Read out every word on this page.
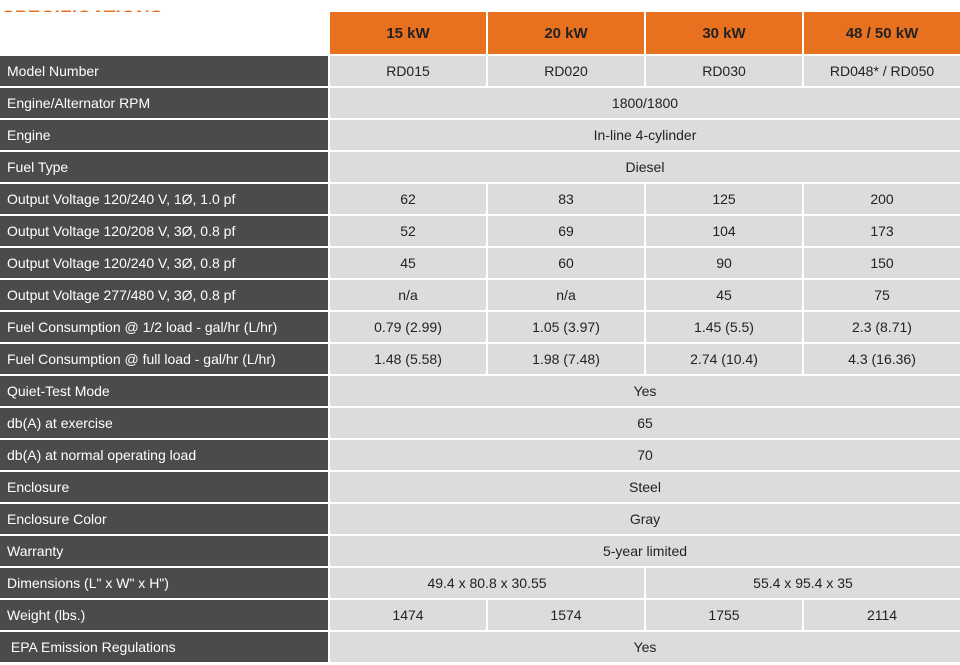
	15 kW	20 kW	30 kW	48 / 50 kW
Model Number	RD015	RD020	RD030	RD048* / RD050
Engine/Alternator RPM	1800/1800			
Engine	In-line 4-cylinder			
Fuel Type	Diesel			
Output Voltage 120/240 V, 1Ø, 1.0 pf	62	83	125	200
Output Voltage 120/208 V, 3Ø, 0.8 pf	52	69	104	173
Output Voltage 120/240 V, 3Ø, 0.8 pf	45	60	90	150
Output Voltage 277/480 V, 3Ø, 0.8 pf	n/a	n/a	45	75
Fuel Consumption @ 1/2 load - gal/hr (L/hr)	0.79 (2.99)	1.05 (3.97)	1.45 (5.5)	2.3 (8.71)
Fuel Consumption @ full load - gal/hr (L/hr)	1.48 (5.58)	1.98 (7.48)	2.74 (10.4)	4.3 (16.36)
Quiet-Test Mode	Yes			
db(A) at exercise	65			
db(A) at normal operating load	70			
Enclosure	Steel			
Enclosure Color	Gray			
Warranty	5-year limited			
Dimensions (L" x W" x H")	49.4 x 80.8 x 30.55		55.4 x 95.4 x 35	
Weight (lbs.)	1474	1574	1755	2114
EPA Emission Regulations	Yes			
